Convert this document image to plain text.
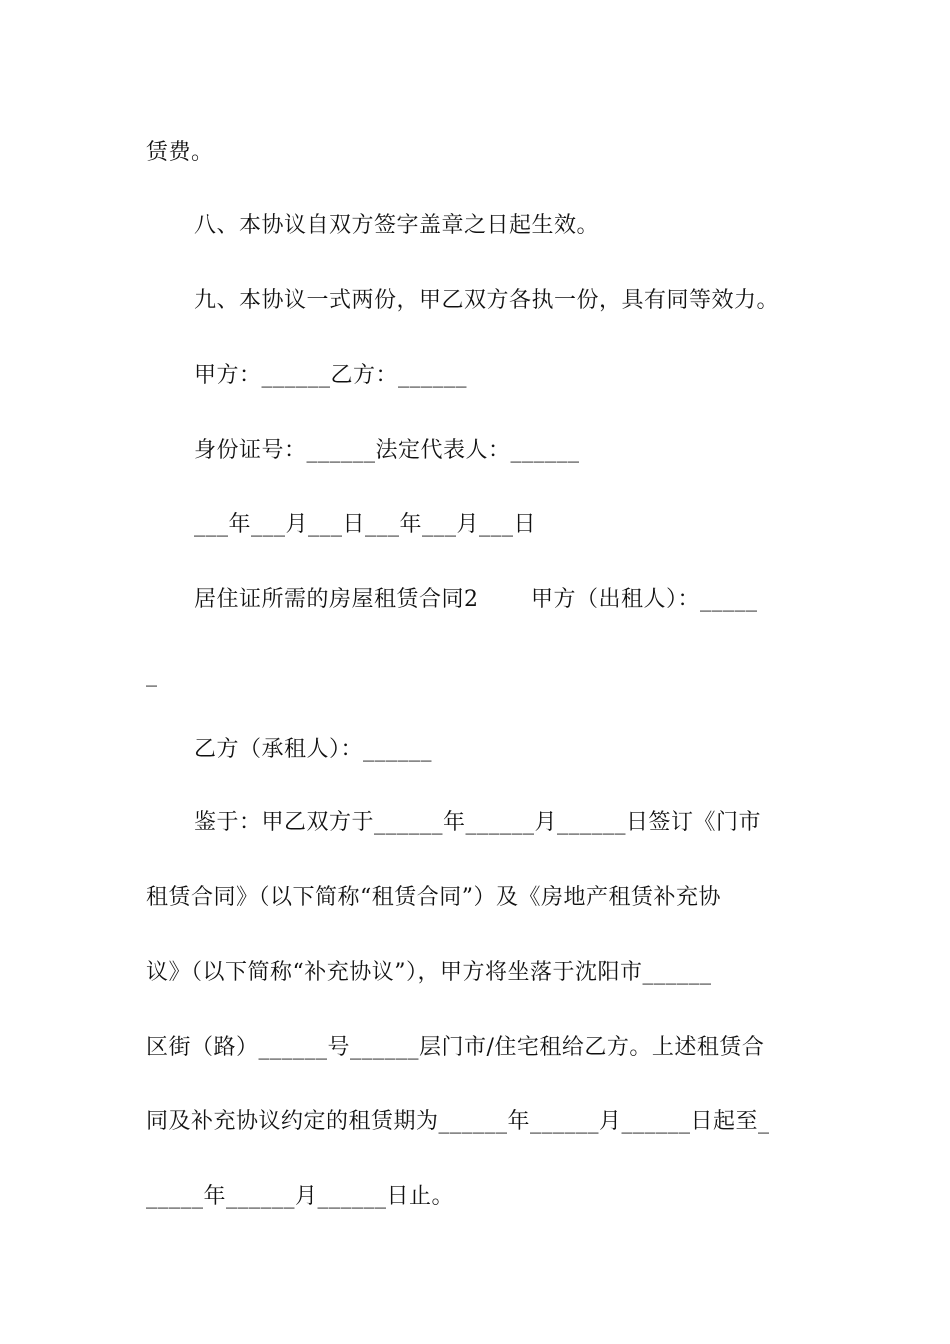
赁费。
八、本协议自双方签字盖章之日起生效。
九、本协议一式两份，甲乙双方各执一份，具有同等效力。
甲方：______乙方：______
身份证号：______法定代表人：______
___年___月___日___年___月___日
居住证所需的房屋租赁合同2　　 甲方（出租人）：_____
_
乙方（承租人）：______
鉴于：甲乙双方于______年______月______日签订《门市
租赁合同》（以下简称“租赁合同”）及《房地产租赁补充协
议》（以下简称“补充协议”），甲方将坐落于沈阳市______
区街（路）______号______层门市/住宅租给乙方。上述租赁合
同及补充协议约定的租赁期为______年______月______日起至_
_____年______月______日止。
